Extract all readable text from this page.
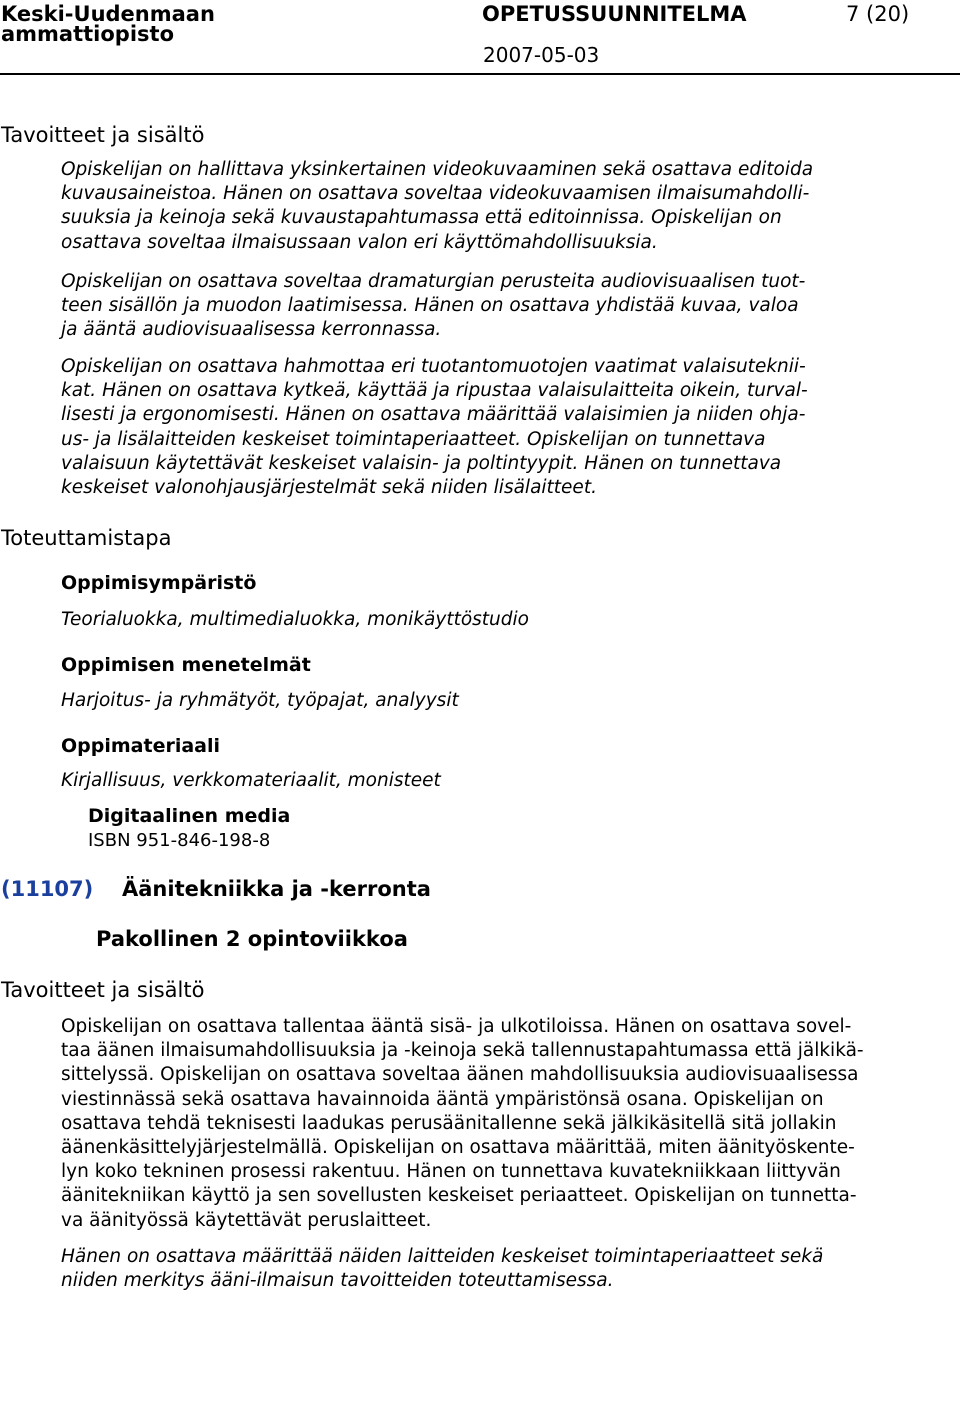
Keski-Uudenmaan
ammattiopisto
OPETUSSUUNNITELMA	7 (20)
2007-05-03
Tavoitteet ja sisältö
Opiskelijan on hallittava yksinkertainen videokuvaaminen sekä osattava editoida
kuvausaineistoa. Hänen on osattava soveltaa videokuvaamisen ilmaisumahdolli-
suuksia ja keinoja sekä kuvaustapahtumassa että editoinnissa. Opiskelijan on
osattava soveltaa ilmaisussaan valon eri käyttömahdollisuuksia.
Opiskelijan on osattava soveltaa dramaturgian perusteita audiovisuaalisen tuot-
teen sisällön ja muodon laatimisessa. Hänen on osattava yhdistää kuvaa, valoa
ja ääntä audiovisuaalisessa kerronnassa.
Opiskelijan on osattava hahmottaa eri tuotantomuotojen vaatimat valaisuteknii-
kat. Hänen on osattava kytkeä, käyttää ja ripustaa valaisulaitteita oikein, turval-
lisesti ja ergonomisesti. Hänen on osattava määrittää valaisimien ja niiden ohja-
us- ja lisälaitteiden keskeiset toimintaperiaatteet. Opiskelijan on tunnettava
valaisuun käytettävät keskeiset valaisin- ja poltintyypit. Hänen on tunnettava
keskeiset valonohjausjärjestelmät sekä niiden lisälaitteet.
Toteuttamistapa
Oppimisympäristö
Teorialuokka, multimedialuokka, monikäyttöstudio
Oppimisen menetelmät
Harjoitus- ja ryhmätyöt, työpajat, analyysit
Oppimateriaali
Kirjallisuus, verkkomateriaalit, monisteet
Digitaalinen media
ISBN 951-846-198-8
(11107) Äänitekniikka ja -kerronta
Pakollinen 2 opintoviikkoa
Tavoitteet ja sisältö
Opiskelijan on osattava tallentaa ääntä sisä- ja ulkotiloissa. Hänen on osattava sovel-
taa äänen ilmaisumahdollisuuksia ja -keinoja sekä tallennustapahtumassa että jälkikä-
sittelyssä. Opiskelijan on osattava soveltaa äänen mahdollisuuksia audiovisuaalisessa
viestinnässä sekä osattava havainnoida ääntä ympäristönsä osana. Opiskelijan on
osattava tehdä teknisesti laadukas perusäänitallenne sekä jälkikäsitellä sitä jollakin
äänenkäsittelyjärjestelmällä. Opiskelijan on osattava määrittää, miten äänityöskente-
lyn koko tekninen prosessi rakentuu. Hänen on tunnettava kuvatekniikkaan liittyvän
äänitekniikan käyttö ja sen sovellusten keskeiset periaatteet. Opiskelijan on tunnetta-
va äänityössä käytettävät peruslaitteet.
Hänen on osattava määrittää näiden laitteiden keskeiset toimintaperiaatteet sekä
niiden merkitys ääni-ilmaisun tavoitteiden toteuttamisessa.
